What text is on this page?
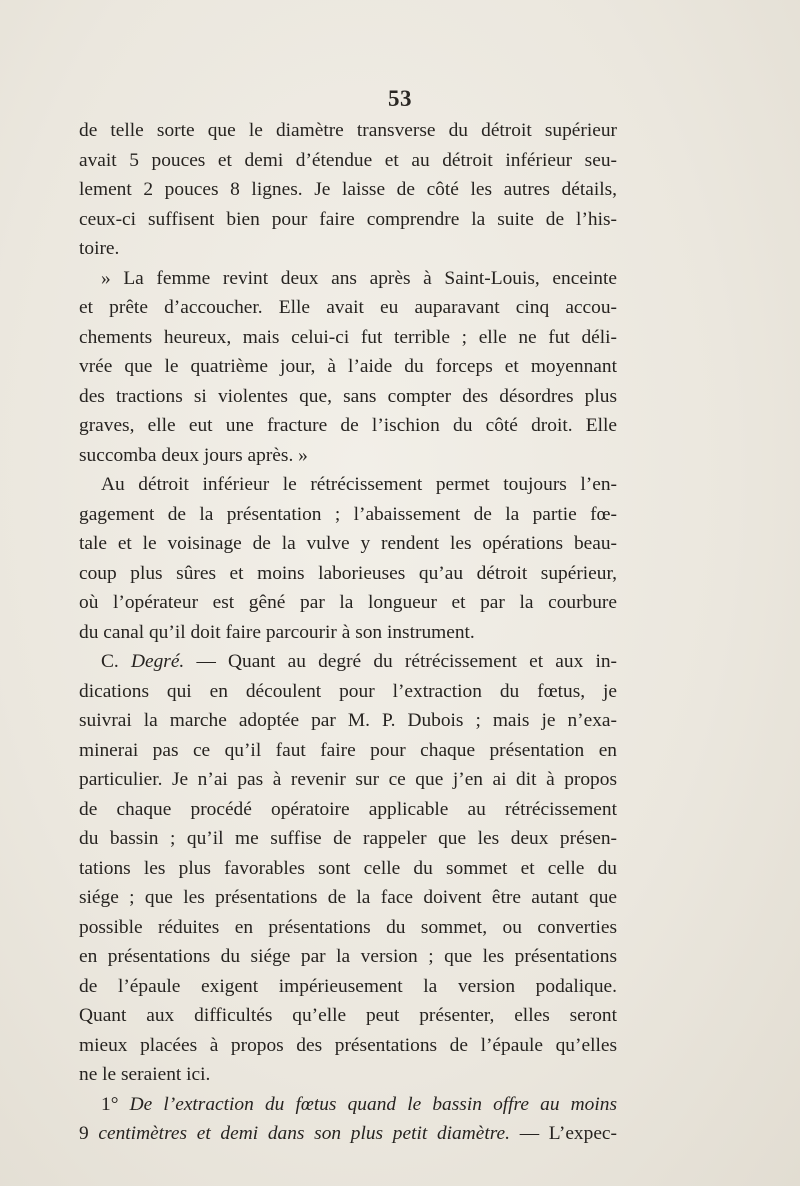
53
de telle sorte que le diamètre transverse du détroit supérieur
avait 5 pouces et demi d’étendue et au détroit inférieur seu-
lement 2 pouces 8 lignes. Je laisse de côté les autres détails,
ceux-ci suffisent bien pour faire comprendre la suite de l’his-
toire.
» La femme revint deux ans après à Saint-Louis, enceinte
et prête d’accoucher. Elle avait eu auparavant cinq accou-
chements heureux, mais celui-ci fut terrible ; elle ne fut déli-
vrée que le quatrième jour, à l’aide du forceps et moyennant
des tractions si violentes que, sans compter des désordres plus
graves, elle eut une fracture de l’ischion du côté droit. Elle
succomba deux jours après. »
Au détroit inférieur le rétrécissement permet toujours l’en-
gagement de la présentation ; l’abaissement de la partie fœ-
tale et le voisinage de la vulve y rendent les opérations beau-
coup plus sûres et moins laborieuses qu’au détroit supérieur,
où l’opérateur est gêné par la longueur et par la courbure
du canal qu’il doit faire parcourir à son instrument.
C. Degré. — Quant au degré du rétrécissement et aux in-
dications qui en découlent pour l’extraction du fœtus, je
suivrai la marche adoptée par M. P. Dubois ; mais je n’exa-
minerai pas ce qu’il faut faire pour chaque présentation en
particulier. Je n’ai pas à revenir sur ce que j’en ai dit à propos
de chaque procédé opératoire applicable au rétrécissement
du bassin ; qu’il me suffise de rappeler que les deux présen-
tations les plus favorables sont celle du sommet et celle du
siége ; que les présentations de la face doivent être autant que
possible réduites en présentations du sommet, ou converties
en présentations du siége par la version ; que les présentations
de l’épaule exigent impérieusement la version podalique.
Quant aux difficultés qu’elle peut présenter, elles seront
mieux placées à propos des présentations de l’épaule qu’elles
ne le seraient ici.
1° De l’extraction du fœtus quand le bassin offre au moins
9 centimètres et demi dans son plus petit diamètre. — L’expec-
